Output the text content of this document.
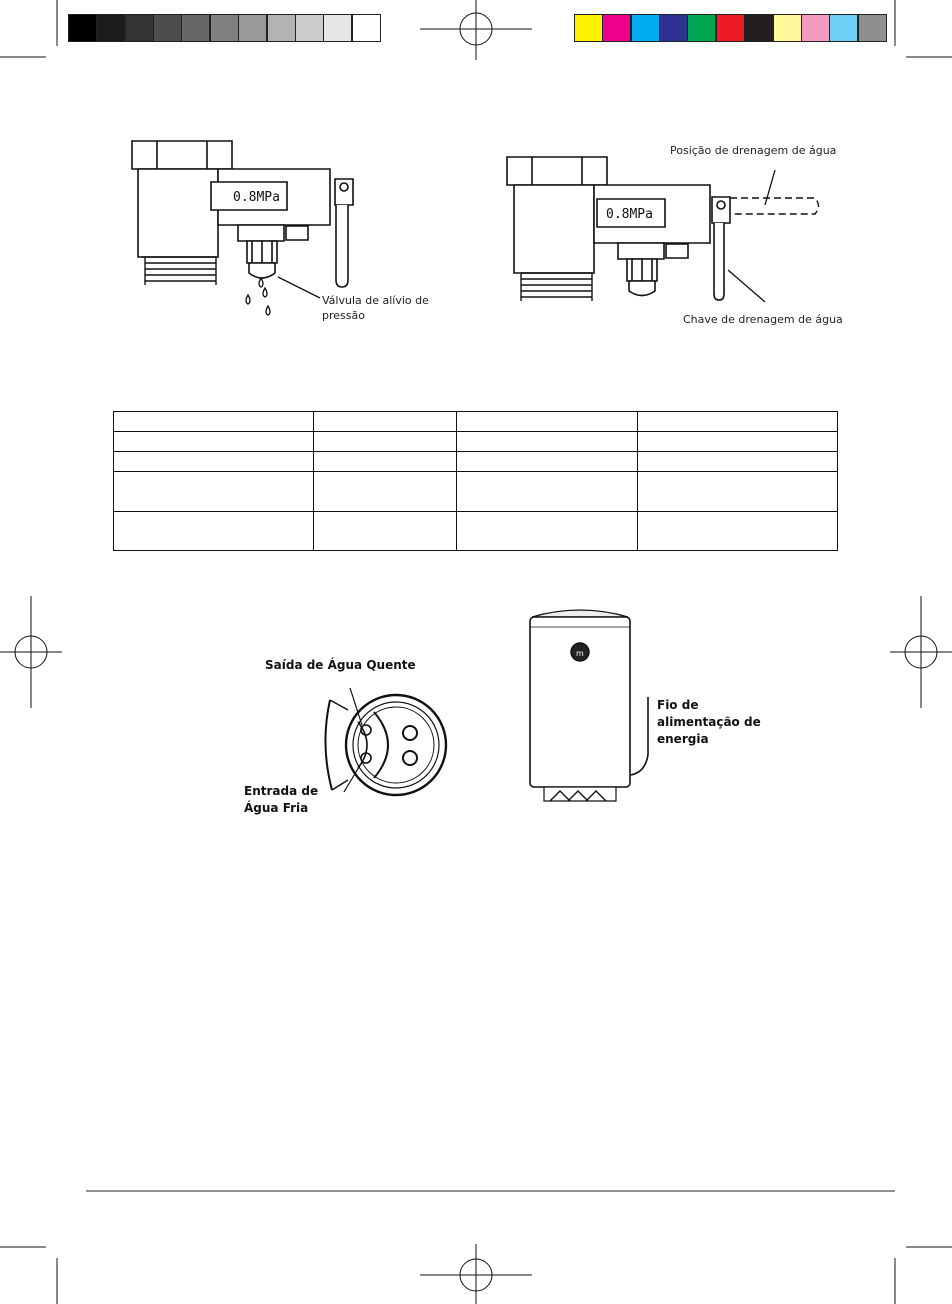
0.8MPa
Válvula de alívio de pressão
0.8MPa
Posição de drenagem de água
Chave de drenagem de água

Saída de Água Quente
Entrada de Água Fria
m
Fio de alimentação de energia
